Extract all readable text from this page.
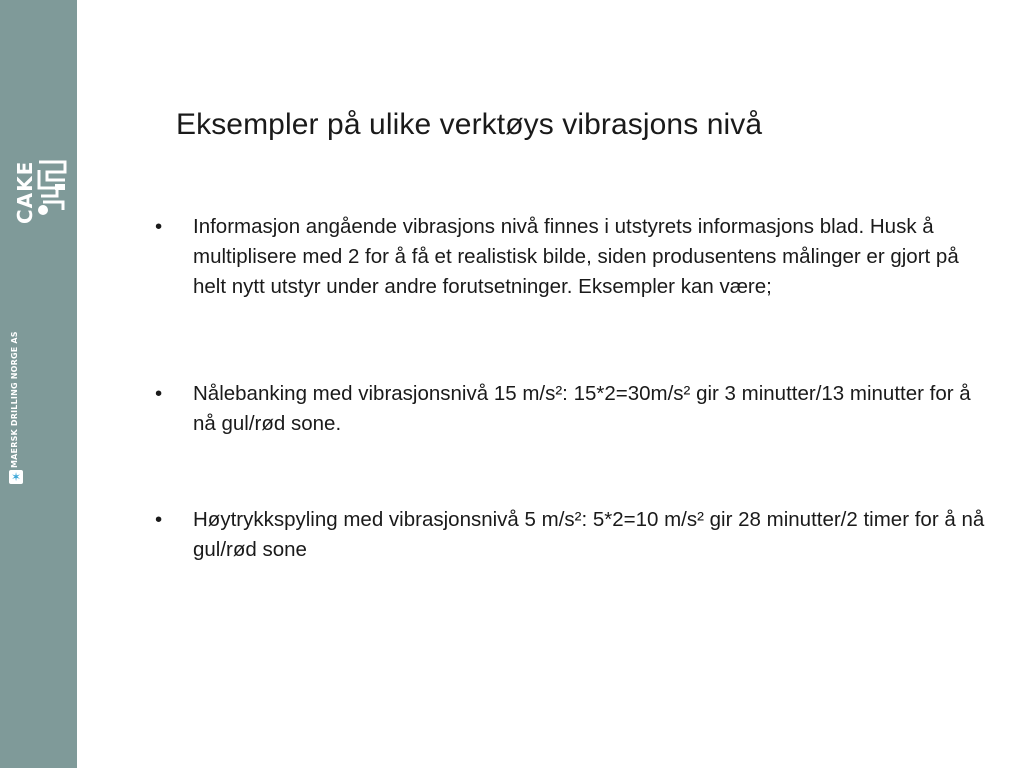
CAKE
MAERSK DRILLING NORGE AS
✶
Eksempler på ulike verktøys vibrasjons nivå
• Informasjon angående vibrasjons nivå finnes i utstyrets informasjons blad. Husk å multiplisere med 2 for å få et realistisk bilde, siden produsentens målinger er gjort på helt nytt utstyr under andre forutsetninger. Eksempler kan være;
• Nålebanking med vibrasjonsnivå 15 m/s²: 15*2=30m/s² gir 3 minutter/13 minutter for å nå gul/rød sone.
• Høytrykkspyling med vibrasjonsnivå 5 m/s²: 5*2=10 m/s² gir 28 minutter/2 timer for å nå gul/rød sone
